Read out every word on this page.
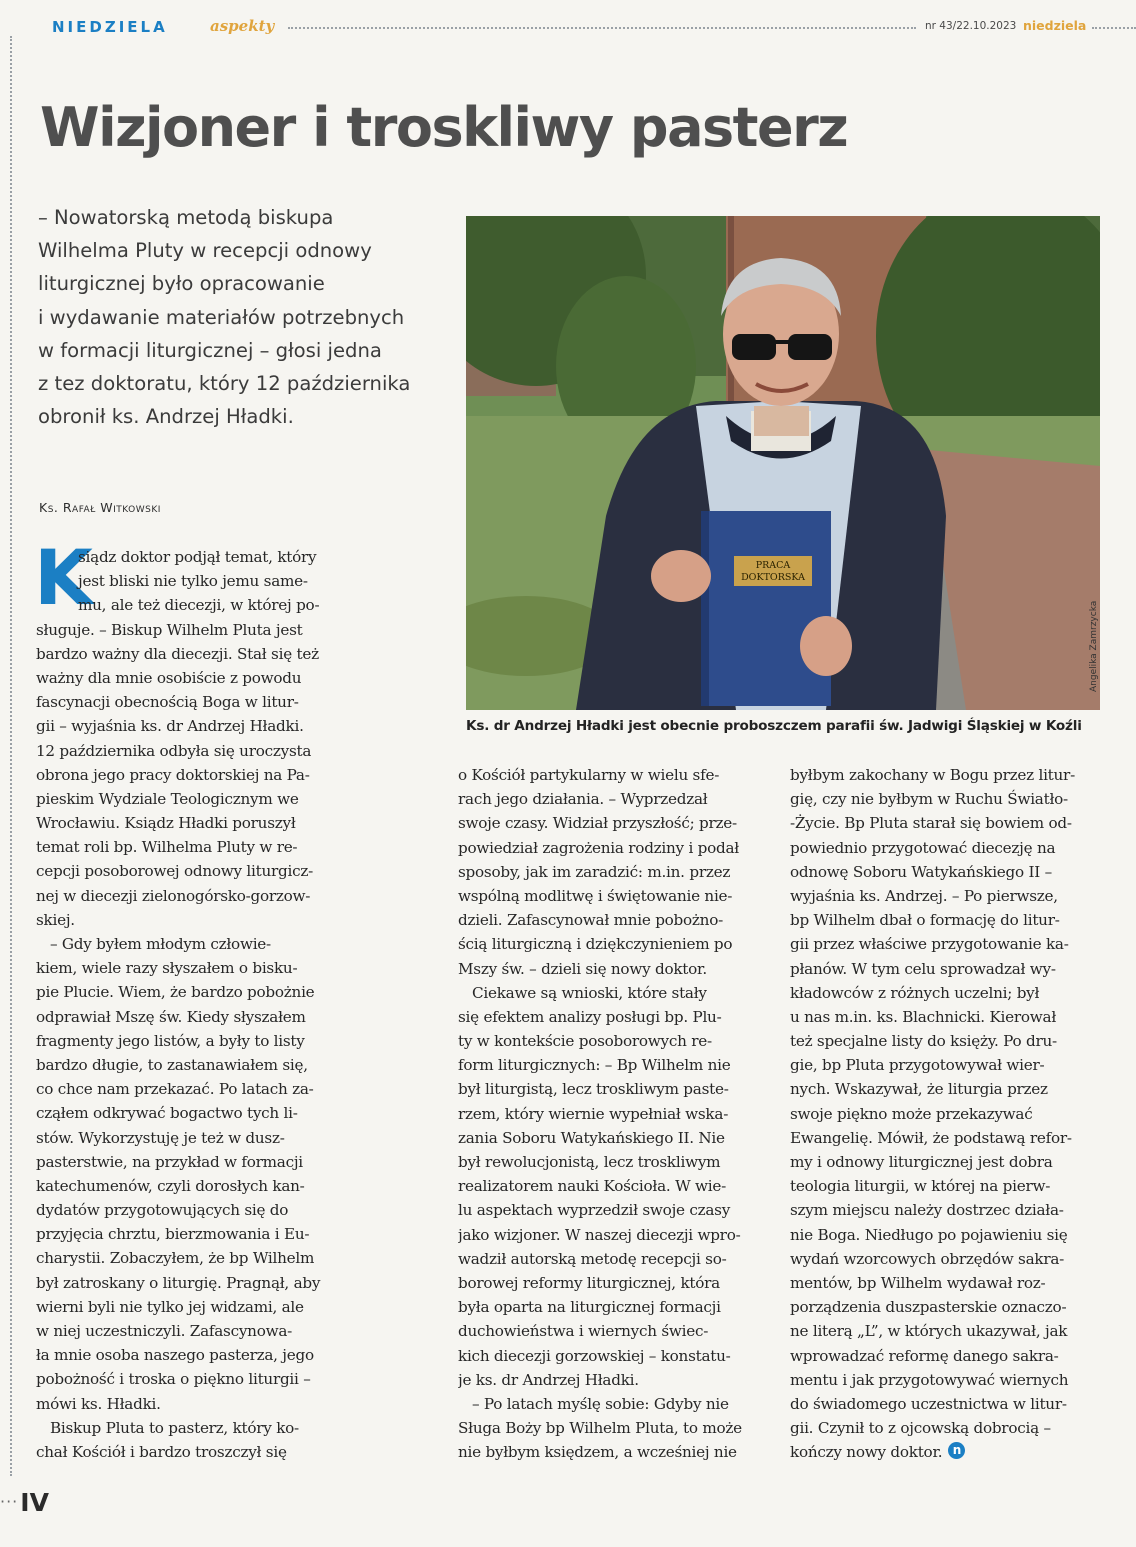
NIEDZIELA	aspekty	nr 43/22.10.2023 niedziela
Wizjoner i troskliwy pasterz
– Nowatorską metodą biskupa
Wilhelma Pluty w recepcji odnowy
liturgicznej było opracowanie
i wydawanie materiałów potrzebnych
w formacji liturgicznej – głosi jedna
z tez doktoratu, który 12 października
obronił ks. Andrzej Hładki.
Ks. Rafał Witkowski
PRACA
DOKTORSKA
Angelika Zamrzycka
Ks. dr Andrzej Hładki jest obecnie proboszczem parafii św. Jadwigi Śląskiej w Koźli
K
siądz doktor podjął temat, który
jest bliski nie tylko jemu same-
mu, ale też diecezji, w której po-
sługuje. – Biskup Wilhelm Pluta jest
bardzo ważny dla diecezji. Stał się też
ważny dla mnie osobiście z powodu
fascynacji obecnością Boga w litur-
gii – wyjaśnia ks. dr Andrzej Hładki.
12 października odbyła się uroczysta
obrona jego pracy doktorskiej na Pa-
pieskim Wydziale Teologicznym we
Wrocławiu. Ksiądz Hładki poruszył
temat roli bp. Wilhelma Pluty w re-
cepcji posoborowej odnowy liturgicz-
nej w diecezji zielonogórsko-gorzow-
skiej.
– Gdy byłem młodym człowie-
kiem, wiele razy słyszałem o bisku-
pie Plucie. Wiem, że bardzo pobożnie
odprawiał Mszę św. Kiedy słyszałem
fragmenty jego listów, a były to listy
bardzo długie, to zastanawiałem się,
co chce nam przekazać. Po latach za-
cząłem odkrywać bogactwo tych li-
stów. Wykorzystuję je też w dusz-
pasterstwie, na przykład w formacji
katechumenów, czyli dorosłych kan-
dydatów przygotowujących się do
przyjęcia chrztu, bierzmowania i Eu-
charystii. Zobaczyłem, że bp Wilhelm
był zatroskany o liturgię. Pragnął, aby
wierni byli nie tylko jej widzami, ale
w niej uczestniczyli. Zafascynowa-
ła mnie osoba naszego pasterza, jego
pobożność i troska o piękno liturgii –
mówi ks. Hładki.
Biskup Pluta to pasterz, który ko-
chał Kościół i bardzo troszczył się
o Kościół partykularny w wielu sfe-
rach jego działania. – Wyprzedzał
swoje czasy. Widział przyszłość; prze-
powiedział zagrożenia rodziny i podał
sposoby, jak im zaradzić: m.in. przez
wspólną modlitwę i świętowanie nie-
dzieli. Zafascynował mnie pobożno-
ścią liturgiczną i dziękczynieniem po
Mszy św. – dzieli się nowy doktor.
Ciekawe są wnioski, które stały
się efektem analizy posługi bp. Plu-
ty w kontekście posoborowych re-
form liturgicznych: – Bp Wilhelm nie
był liturgistą, lecz troskliwym paste-
rzem, który wiernie wypełniał wska-
zania Soboru Watykańskiego II. Nie
był rewolucjonistą, lecz troskliwym
realizatorem nauki Kościoła. W wie-
lu aspektach wyprzedził swoje czasy
jako wizjoner. W naszej diecezji wpro-
wadził autorską metodę recepcji so-
borowej reformy liturgicznej, która
była oparta na liturgicznej formacji
duchowieństwa i wiernych świec-
kich diecezji gorzowskiej – konstatu-
je ks. dr Andrzej Hładki.
– Po latach myślę sobie: Gdyby nie
Sługa Boży bp Wilhelm Pluta, to może
nie byłbym księdzem, a wcześniej nie
byłbym zakochany w Bogu przez litur-
gię, czy nie byłbym w Ruchu Światło-
-Życie. Bp Pluta starał się bowiem od-
powiednio przygotować diecezję na
odnowę Soboru Watykańskiego II –
wyjaśnia ks. Andrzej. – Po pierwsze,
bp Wilhelm dbał o formację do litur-
gii przez właściwe przygotowanie ka-
płanów. W tym celu sprowadzał wy-
kładowców z różnych uczelni; był
u nas m.in. ks. Blachnicki. Kierował
też specjalne listy do księży. Po dru-
gie, bp Pluta przygotowywał wier-
nych. Wskazywał, że liturgia przez
swoje piękno może przekazywać
Ewangelię. Mówił, że podstawą refor-
my i odnowy liturgicznej jest dobra
teologia liturgii, w której na pierw-
szym miejscu należy dostrzec działa-
nie Boga. Niedługo po pojawieniu się
wydań wzorcowych obrzędów sakra-
mentów, bp Wilhelm wydawał roz-
porządzenia duszpasterskie oznaczo-
ne literą „L”, w których ukazywał, jak
wprowadzać reformę danego sakra-
mentu i jak przygotowywać wiernych
do świadomego uczestnictwa w litur-
gii. Czynił to z ojcowską dobrocią –
kończy nowy doktor. n
···IV
